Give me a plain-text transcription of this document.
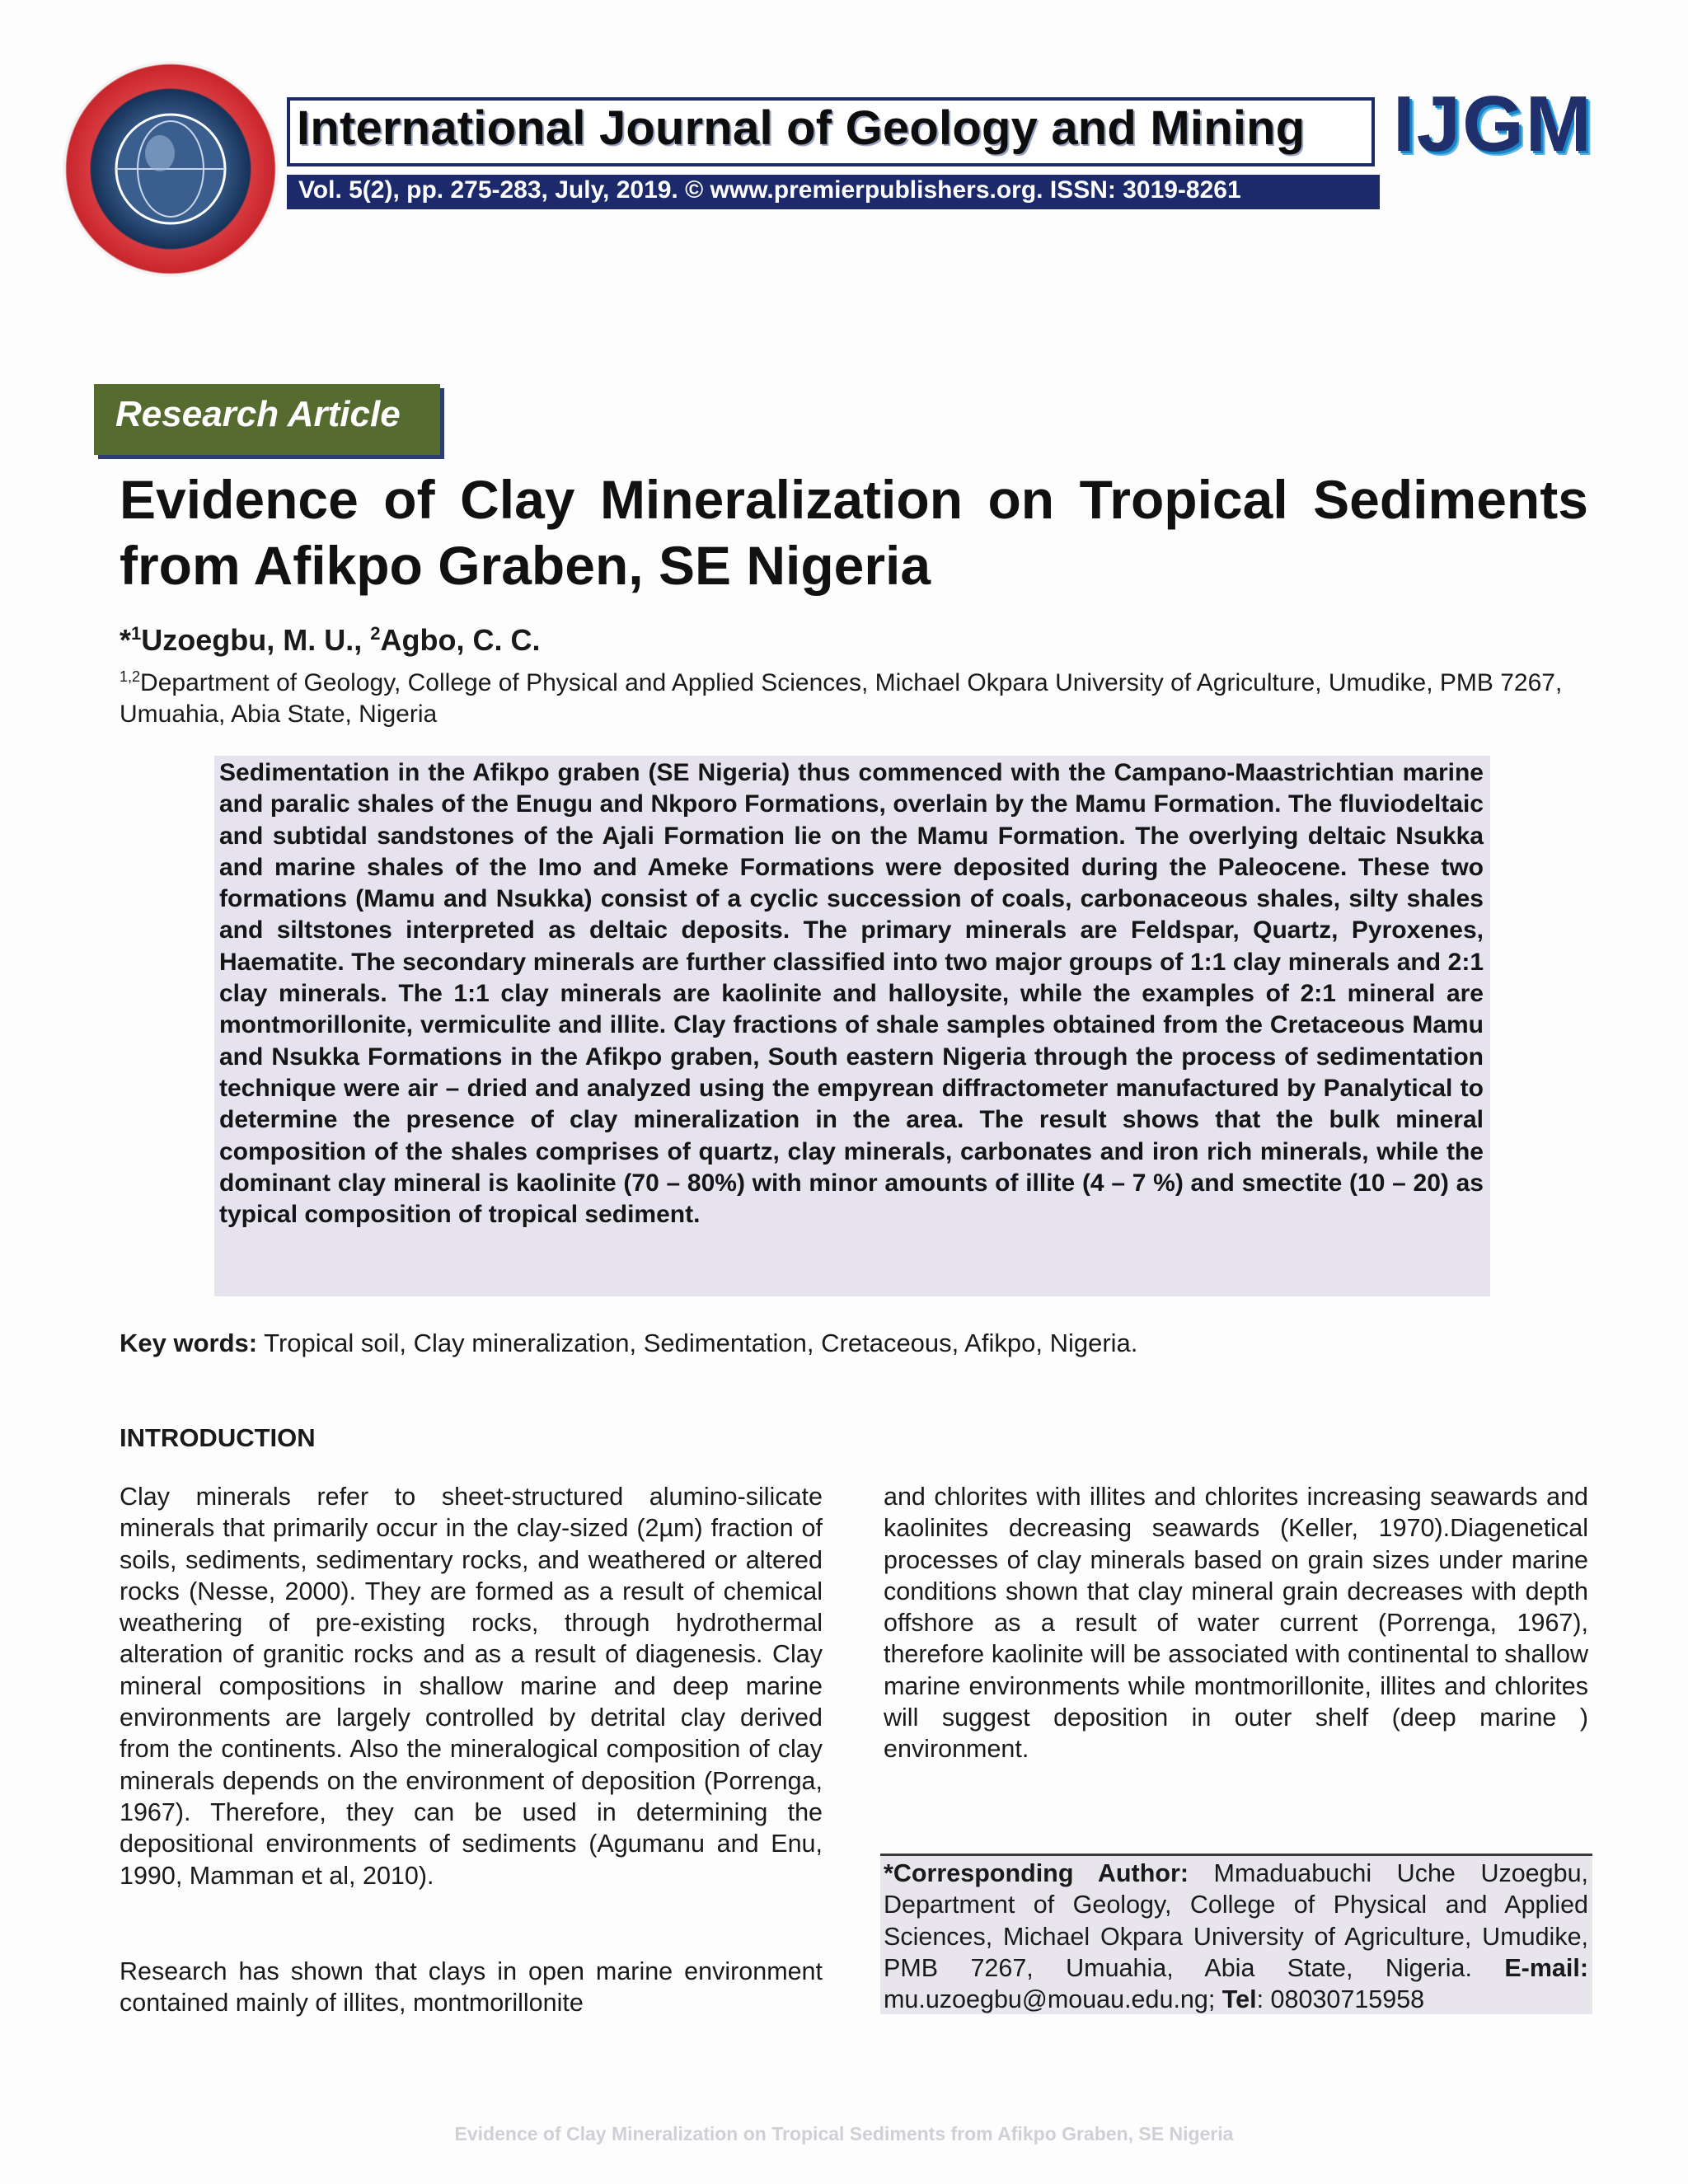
International Journal of Geology and Mining
Vol. 5(2), pp. 275-283, July, 2019. © www.premierpublishers.org. ISSN: 3019-8261
IJGM
Research Article
Evidence of Clay Mineralization on Tropical Sediments
from Afikpo Graben, SE Nigeria
*$^1$Uzoegbu, M. U., $^2$Agbo, C. C.
$^{1,2}$Department of Geology, College of Physical and Applied Sciences, Michael Okpara University of Agriculture, Umudike, PMB 7267, Umuahia, Abia State, Nigeria
Sedimentation in the Afikpo graben (SE Nigeria) thus commenced with the Campano-Maastrichtian marine and paralic shales of the Enugu and Nkporo Formations, overlain by the Mamu Formation. The fluviodeltaic and subtidal sandstones of the Ajali Formation lie on the Mamu Formation. The overlying deltaic Nsukka and marine shales of the Imo and Ameke Formations were deposited during the Paleocene. These two formations (Mamu and Nsukka) consist of a cyclic succession of coals, carbonaceous shales, silty shales and siltstones interpreted as deltaic deposits. The primary minerals are Feldspar, Quartz, Pyroxenes, Haematite. The secondary minerals are further classified into two major groups of 1:1 clay minerals and 2:1 clay minerals. The 1:1 clay minerals are kaolinite and halloysite, while the examples of 2:1 mineral are montmorillonite, vermiculite and illite. Clay fractions of shale samples obtained from the Cretaceous Mamu and Nsukka Formations in the Afikpo graben, South eastern Nigeria through the process of sedimentation technique were air – dried and analyzed using the empyrean diffractometer manufactured by Panalytical to determine the presence of clay mineralization in the area. The result shows that the bulk mineral composition of the shales comprises of quartz, clay minerals, carbonates and iron rich minerals, while the dominant clay mineral is kaolinite (70 – 80%) with minor amounts of illite (4 – 7 %) and smectite (10 – 20) as typical composition of tropical sediment.
Key words: Tropical soil, Clay mineralization, Sedimentation, Cretaceous, Afikpo, Nigeria.
INTRODUCTION
Clay minerals refer to sheet-structured alumino-silicate minerals that primarily occur in the clay-sized (2µm) fraction of soils, sediments, sedimentary rocks, and weathered or altered rocks (Nesse, 2000). They are formed as a result of chemical weathering of pre-existing rocks, through hydrothermal alteration of granitic rocks and as a result of diagenesis. Clay mineral compositions in shallow marine and deep marine environments are largely controlled by detrital clay derived from the continents. Also the mineralogical composition of clay minerals depends on the environment of deposition (Porrenga, 1967). Therefore, they can be used in determining the depositional environments of sediments (Agumanu and Enu, 1990, Mamman et al, 2010).
Research has shown that clays in open marine environment contained mainly of illites, montmorillonite
and chlorites with illites and chlorites increasing seawards and kaolinites decreasing seawards (Keller, 1970).Diagenetical processes of clay minerals based on grain sizes under marine conditions shown that clay mineral grain decreases with depth offshore as a result of water current (Porrenga, 1967), therefore kaolinite will be associated with continental to shallow marine environments while montmorillonite, illites and chlorites will suggest deposition in outer shelf (deep marine ) environment.
*Corresponding Author: Mmaduabuchi Uche Uzoegbu, Department of Geology, College of Physical and Applied Sciences, Michael Okpara University of Agriculture, Umudike, PMB 7267, Umuahia, Abia State, Nigeria. E-mail: mu.uzoegbu@mouau.edu.ng; Tel: 08030715958
Evidence of Clay Mineralization on Tropical Sediments from Afikpo Graben, SE Nigeria
